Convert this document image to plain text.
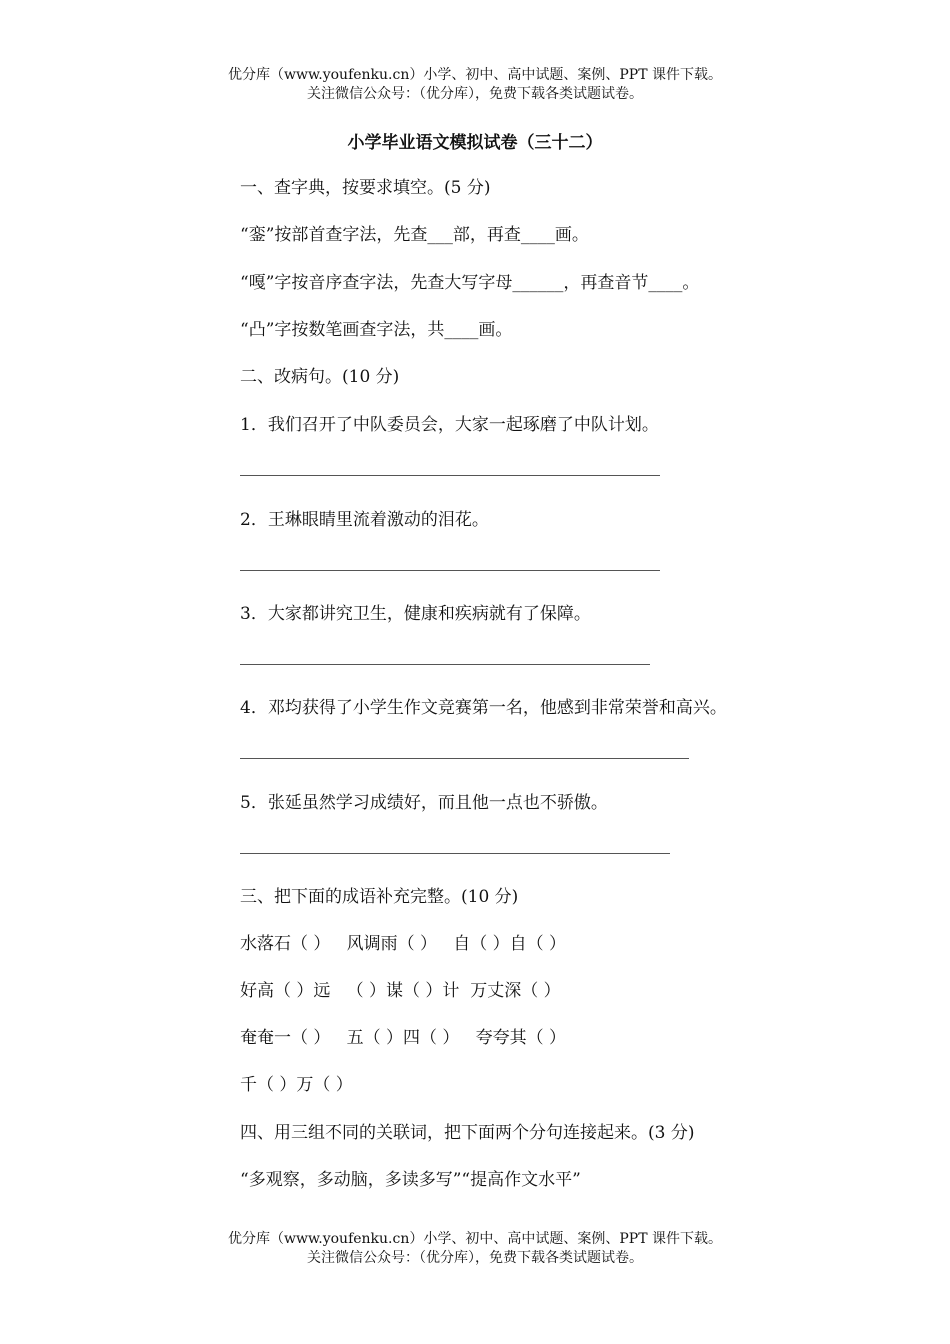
优分库（www.youfenku.cn）小学、初中、高中试题、案例、PPT 课件下载。
关注微信公众号：（优分库），免费下载各类试题试卷。
小学毕业语文模拟试卷（三十二）
一、查字典，按要求填空。(5 分)
“銮”按部首查字法，先查___部，再查____画。
“嘎”字按音序查字法，先查大写字母______，再查音节____。
“凸”字按数笔画查字法，共____画。
二、改病句。(10 分)
1．我们召开了中队委员会，大家一起琢磨了中队计划。
2．王琳眼睛里流着激动的泪花。
3．大家都讲究卫生，健康和疾病就有了保障。
4．邓均获得了小学生作文竞赛第一名，他感到非常荣誉和高兴。
5．张延虽然学习成绩好，而且他一点也不骄傲。
三、把下面的成语补充完整。(10 分)
水落石（ ）   风调雨（ ）   自（ ）自（ ）
好高（ ）远   （ ）谋（ ）计  万丈深（ ）
奄奄一（ ）   五（ ）四（ ）   夸夸其（ ）
千（ ）万（ ）
四、用三组不同的关联词，把下面两个分句连接起来。(3 分)
“多观察，多动脑，多读多写”“提高作文水平”
优分库（www.youfenku.cn）小学、初中、高中试题、案例、PPT 课件下载。
关注微信公众号：（优分库），免费下载各类试题试卷。
